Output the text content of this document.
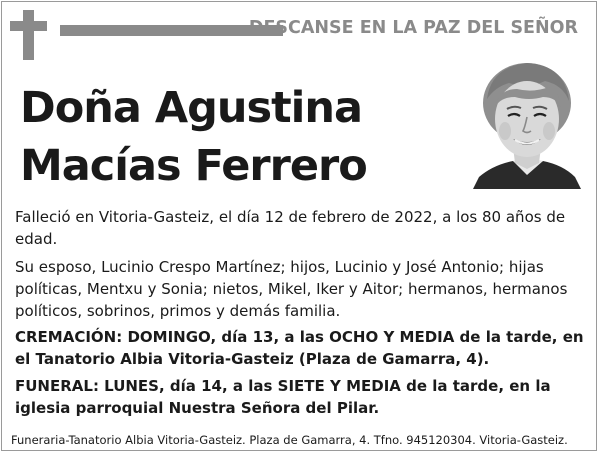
DESCANSE EN LA PAZ DEL SEÑOR
Doña Agustina
Macías Ferrero
Falleció en Vitoria-Gasteiz, el día 12 de febrero de 2022, a los 80 años de edad.
Su esposo, Lucinio Crespo Martínez; hijos, Lucinio y José Antonio; hijas políticas, Mentxu y Sonia; nietos, Mikel, Iker y Aitor; hermanos, hermanos políticos, sobrinos, primos y demás familia.
CREMACIÓN: DOMINGO, día 13, a las OCHO Y MEDIA de la tarde, en el Tanatorio Albia Vitoria-Gasteiz (Plaza de Gamarra, 4).
FUNERAL: LUNES, día 14, a las SIETE Y MEDIA de la tarde, en la iglesia parroquial Nuestra Señora del Pilar.
Funeraria-Tanatorio Albia Vitoria-Gasteiz. Plaza de Gamarra, 4. Tfno. 945120304. Vitoria-Gasteiz.
